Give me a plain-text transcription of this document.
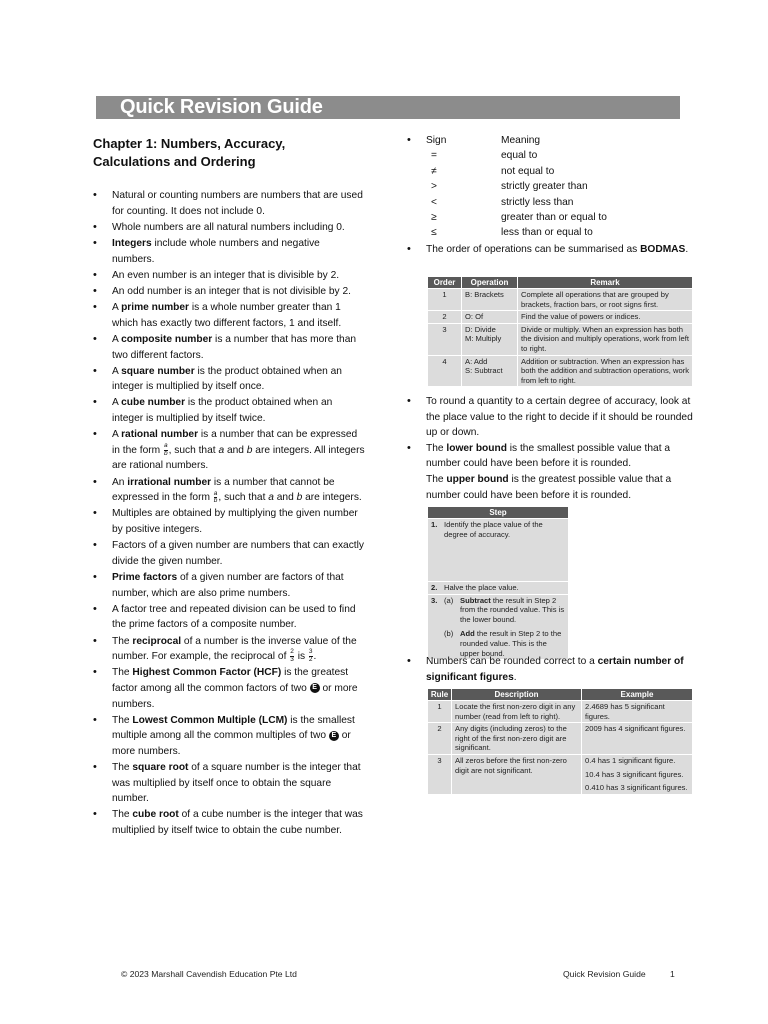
Quick Revision Guide
Chapter 1: Numbers, Accuracy, Calculations and Ordering
• Natural or counting numbers are numbers that are used for counting. It does not include 0.
• Whole numbers are all natural numbers including 0.
• Integers include whole numbers and negative numbers.
• An even number is an integer that is divisible by 2.
• An odd number is an integer that is not divisible by 2.
• A prime number is a whole number greater than 1 which has exactly two different factors, 1 and itself.
• A composite number is a number that has more than two different factors.
• A square number is the product obtained when an integer is multiplied by itself once.
• A cube number is the product obtained when an integer is multiplied by itself twice.
• A rational number is a number that can be expressed in the form $\frac{a}{b}$ , such that a and b are integers. All integers are rational numbers.
• An irrational number is a number that cannot be expressed in the form $\frac{a}{b}$ , such that a and b are integers.
• Multiples are obtained by multiplying the given number by positive integers.
• Factors of a given number are numbers that can exactly divide the given number.
• Prime factors of a given number are factors of that number, which are also prime numbers.
• A factor tree and repeated division can be used to find the prime factors of a composite number.
• The reciprocal of a number is the inverse value of the number. For example, the reciprocal of $\frac{2}{3}$ is $\frac{3}{2}$ .
• The Highest Common Factor (HCF) is the greatest factor among all the common factors of two E or more numbers.
• The Lowest Common Multiple (LCM) is the smallest multiple among all the common multiples of two E or more numbers.
• The square root of a square number is the integer that was multiplied by itself once to obtain the square number.
• The cube root of a cube number is the integer that was multiplied by itself twice to obtain the cube number.
• Sign	Meaning
=	equal to
≠	not equal to
>	strictly greater than
<	strictly less than
≥	greater than or equal to
≤	less than or equal to
• The order of operations can be summarised as BODMAS.
Order	Operation	Remark
1	B: Brackets	Complete all operations that are grouped by brackets, fraction bars, or root signs first.
2	O: Of	Find the value of powers or indices.
3	D: Divide
M: Multiply	Divide or multiply. When an expression has both the division and multiply operations, work from left to right.
4	A: Add
S: Subtract	Addition or subtraction. When an expression has both the addition and subtraction operations, work from left to right.
• To round a quantity to a certain degree of accuracy, look at the place value to the right to decide if it should be rounded up or down.
• The lower bound is the smallest possible value that a number could have been before it is rounded.
The upper bound is the greatest possible value that a number could have been before it is rounded.
Step

1. Identify the place value of the degree of accuracy.

2. Halve the place value.

3. (a) Subtract the result in Step 2 from the rounded value. This is the lower bound.
(b) Add the result in Step 2 to the rounded value. This is the upper bound.
• Numbers can be rounded correct to a certain number of significant figures.
Rule	Description	Example
1	Locate the first non-zero digit in any number (read from left to right).	2.4689 has 5 significant figures.

2	Any digits (including zeros) to the right of the first non-zero digit are significant.	2009 has 4 significant figures.

3	All zeros before the first non-zero digit are not significant.	0.4 has 1 significant figure.
10.4 has 3 significant figures.
0.410 has 3 significant figures.
© 2023 Marshall Cavendish Education Pte Ltd	Quick Revision Guide	1
